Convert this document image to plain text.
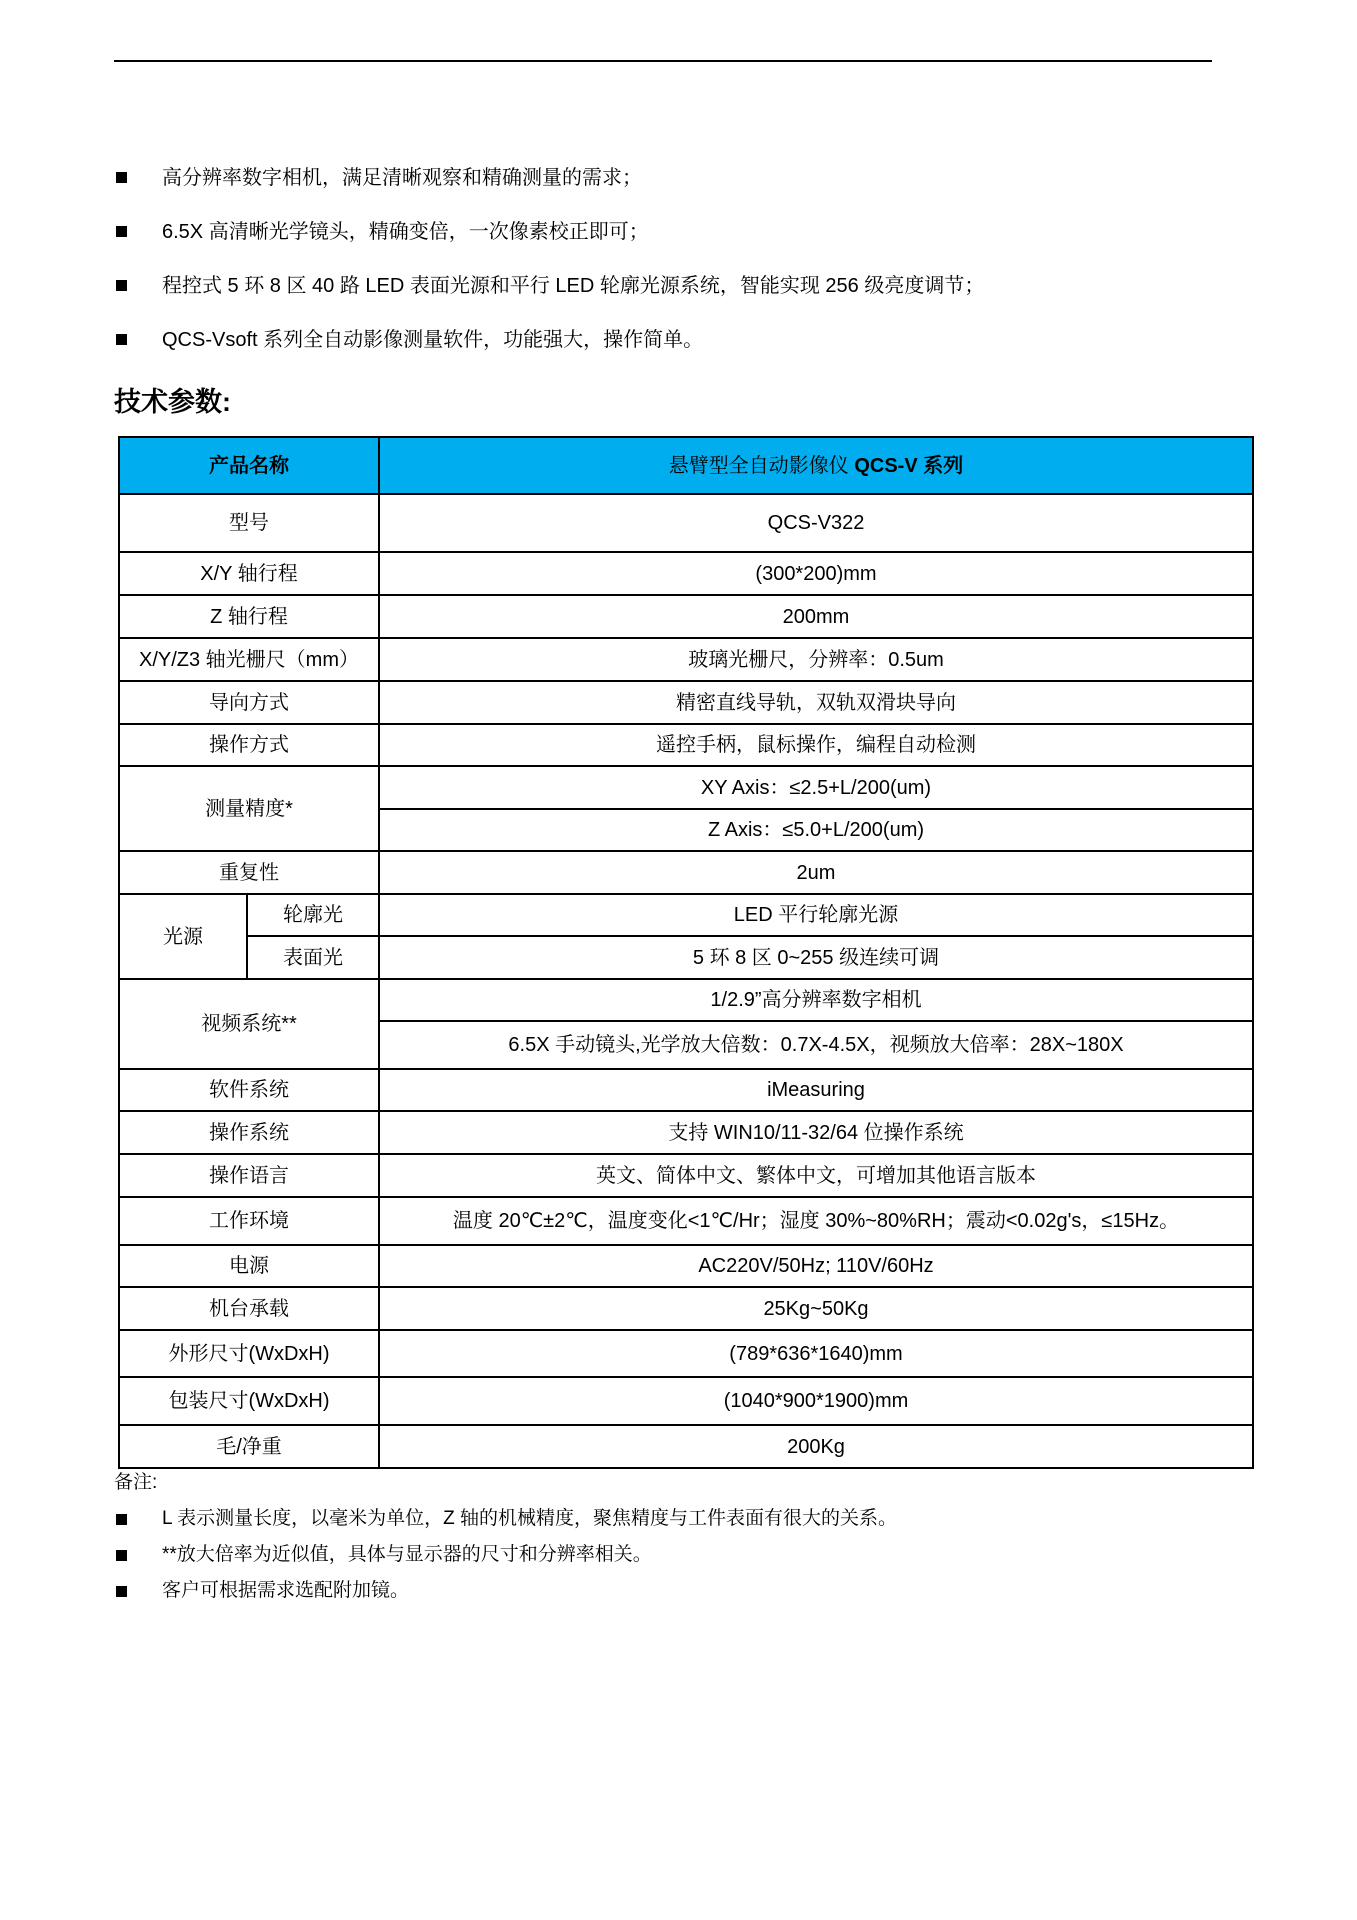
高分辨率数字相机，满足清晰观察和精确测量的需求；
6.5X 高清晰光学镜头，精确变倍，一次像素校正即可；
程控式 5 环 8 区 40 路 LED 表面光源和平行 LED 轮廓光源系统，智能实现 256 级亮度调节；
QCS-Vsoft 系列全自动影像测量软件，功能强大，操作简单。
技术参数:
产品名称		悬臂型全自动影像仪 QCS-V 系列
型号		QCS-V322
X/Y 轴行程		(300*200)mm
Z 轴行程		200mm
X/Y/Z3 轴光栅尺（mm）		玻璃光栅尺，分辨率：0.5um
导向方式		精密直线导轨，双轨双滑块导向
操作方式		遥控手柄，鼠标操作，编程自动检测
测量精度*		XY Axis：≤2.5+L/200(um)
		Z Axis：≤5.0+L/200(um)
重复性		2um
光源	轮廓光	LED 平行轮廓光源
	表面光	5 环 8 区 0~255 级连续可调
视频系统**		1/2.9”高分辨率数字相机
		6.5X 手动镜头,光学放大倍数：0.7X-4.5X，视频放大倍率：28X~180X
软件系统		iMeasuring
操作系统		支持 WIN10/11-32/64 位操作系统
操作语言		英文、简体中文、繁体中文，可增加其他语言版本
工作环境		温度 20℃±2℃，温度变化<1℃/Hr；湿度 30%~80%RH；震动<0.02g's，≤15Hz。
电源		AC220V/50Hz; 110V/60Hz
机台承载		25Kg~50Kg
外形尺寸(WxDxH)		(789*636*1640)mm
包装尺寸(WxDxH)		(1040*900*1900)mm
毛/净重		200Kg
备注:
L 表示测量长度，以毫米为单位，Z 轴的机械精度，聚焦精度与工件表面有很大的关系。
**放大倍率为近似值，具体与显示器的尺寸和分辨率相关。
客户可根据需求选配附加镜。
